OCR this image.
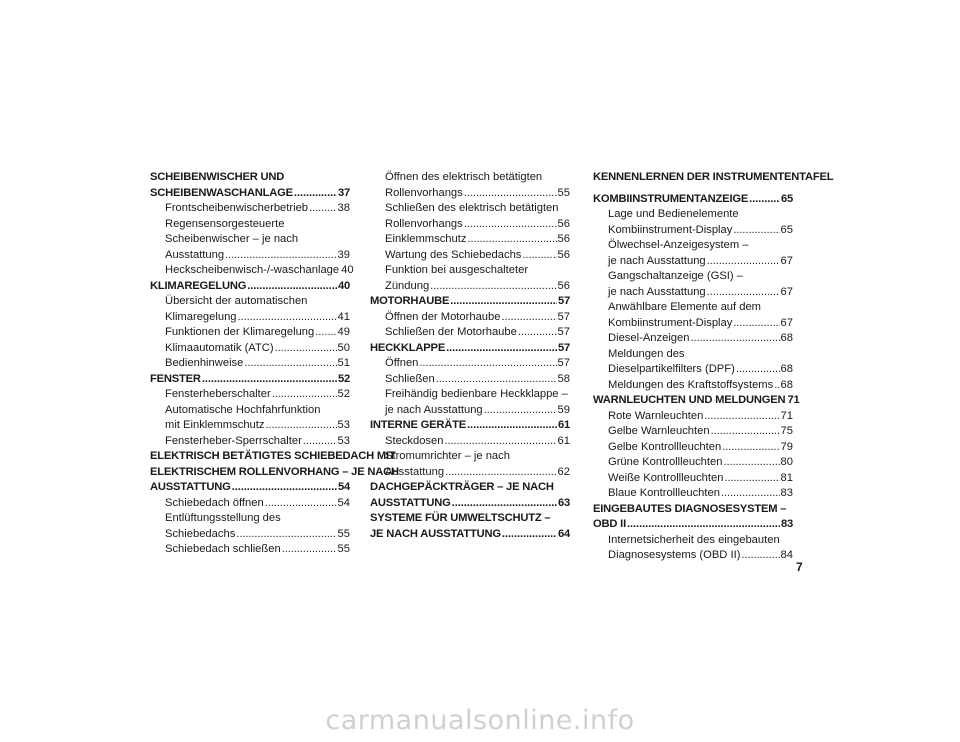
SCHEIBENWISCHER UND
SCHEIBENWASCHANLAGE . . .	37
Frontscheibenwischerbetrieb . . .	38
Regensensorgesteuerte
Scheibenwischer – je nach
Ausstattung . . .	39
Heckscheibenwisch-/-waschanlage 40
KLIMAREGELUNG . . .	40
Übersicht der automatischen
Klimaregelung . . .	41
Funktionen der Klimaregelung . . . 49
Klimaautomatik (ATC) . . .	50
Bedienhinweise . . .	51
FENSTER . . .	52
Fensterheberschalter . . .	52
Automatische Hochfahrfunktion
mit Einklemmschutz . . .	53
Fensterheber-Sperrschalter . . .	53
ELEKTRISCH BETÄTIGTES SCHIEBEDACH MIT
ELEKTRISCHEM ROLLENVORHANG – JE NACH
AUSSTATTUNG . . .	54
Schiebedach öffnen . . .	54
Entlüftungsstellung des
Schiebedachs . . .	55
Schiebedach schließen . . .	55
Öffnen des elektrisch betätigten
Rollenvorhangs . . .	55
Schließen des elektrisch betätigten
Rollenvorhangs . . .	56
Einklemmschutz . . .	56
Wartung des Schiebedachs . . .	56
Funktion bei ausgeschalteter
Zündung . . .	56
MOTORHAUBE . . .	57
Öffnen der Motorhaube . . .	57
Schließen der Motorhaube . . .	57
HECKKLAPPE . . .	57
Öffnen . . .	57
Schließen . . .	58
Freihändig bedienbare Heckklappe –
je nach Ausstattung . . .	59
INTERNE GERÄTE . . .	61
Steckdosen . . .	61
Stromumrichter – je nach
Ausstattung . . .	62
DACHGEPÄCKTRÄGER – JE NACH
AUSSTATTUNG . . .	63
SYSTEME FÜR UMWELTSCHUTZ –
JE NACH AUSSTATTUNG . . .	64
KENNENLERNEN DER INSTRUMENTENTAFEL
KOMBIINSTRUMENTANZEIGE . . .	65
Lage und Bedienelemente
Kombiinstrument-Display . . .	65
Ölwechsel-Anzeigesystem –
je nach Ausstattung . . .	67
Gangschaltanzeige (GSI) –
je nach Ausstattung . . .	67
Anwählbare Elemente auf dem
Kombiinstrument-Display . . .	67
Diesel-Anzeigen . . .	68
Meldungen des
Dieselpartikelfilters (DPF) . . .	68
Meldungen des Kraftstoffsystems . . . 68
WARNLEUCHTEN UND MELDUNGEN 71
Rote Warnleuchten . . .	71
Gelbe Warnleuchten . . .	75
Gelbe Kontrollleuchten . . .	79
Grüne Kontrollleuchten . . .	80
Weiße Kontrollleuchten . . .	81
Blaue Kontrollleuchten . . .	83
EINGEBAUTES DIAGNOSESYSTEM –
OBD II . . .	83
Internetsicherheit des eingebauten
Diagnosesystems (OBD II) . . .	84
7
carmanualsonline.info
